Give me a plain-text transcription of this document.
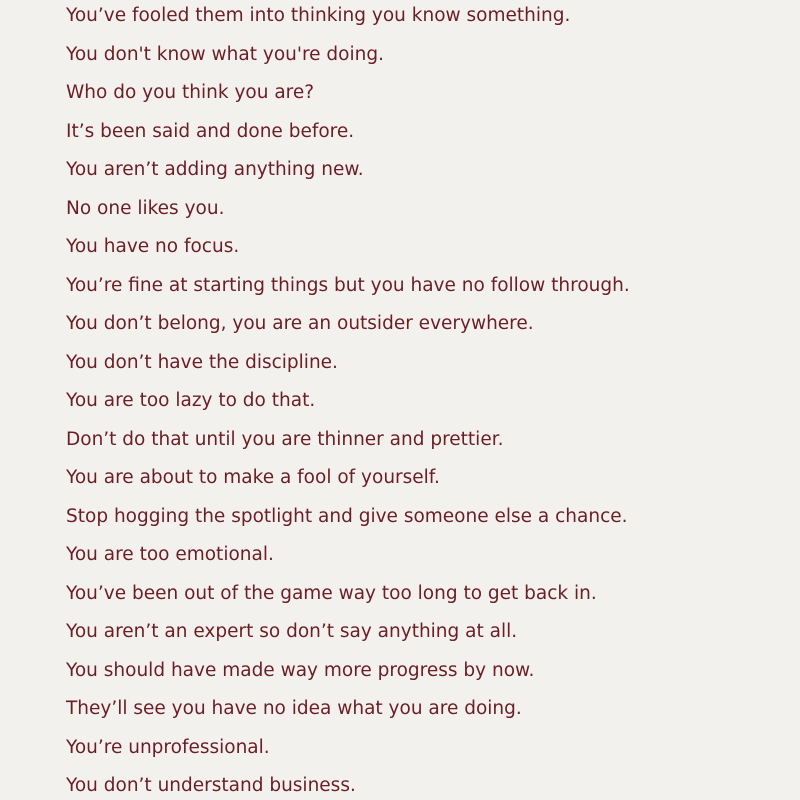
You’ve fooled them into thinking you know something.
You don't know what you're doing.
Who do you think you are?
It’s been said and done before.
You aren’t adding anything new.
No one likes you.
You have no focus.
You’re fine at starting things but you have no follow through.
You don’t belong, you are an outsider everywhere.
You don’t have the discipline.
You are too lazy to do that.
Don’t do that until you are thinner and prettier.
You are about to make a fool of yourself.
Stop hogging the spotlight and give someone else a chance.
You are too emotional.
You’ve been out of the game way too long to get back in.
You aren’t an expert so don’t say anything at all.
You should have made way more progress by now.
They’ll see you have no idea what you are doing.
You’re unprofessional.
You don’t understand business.
